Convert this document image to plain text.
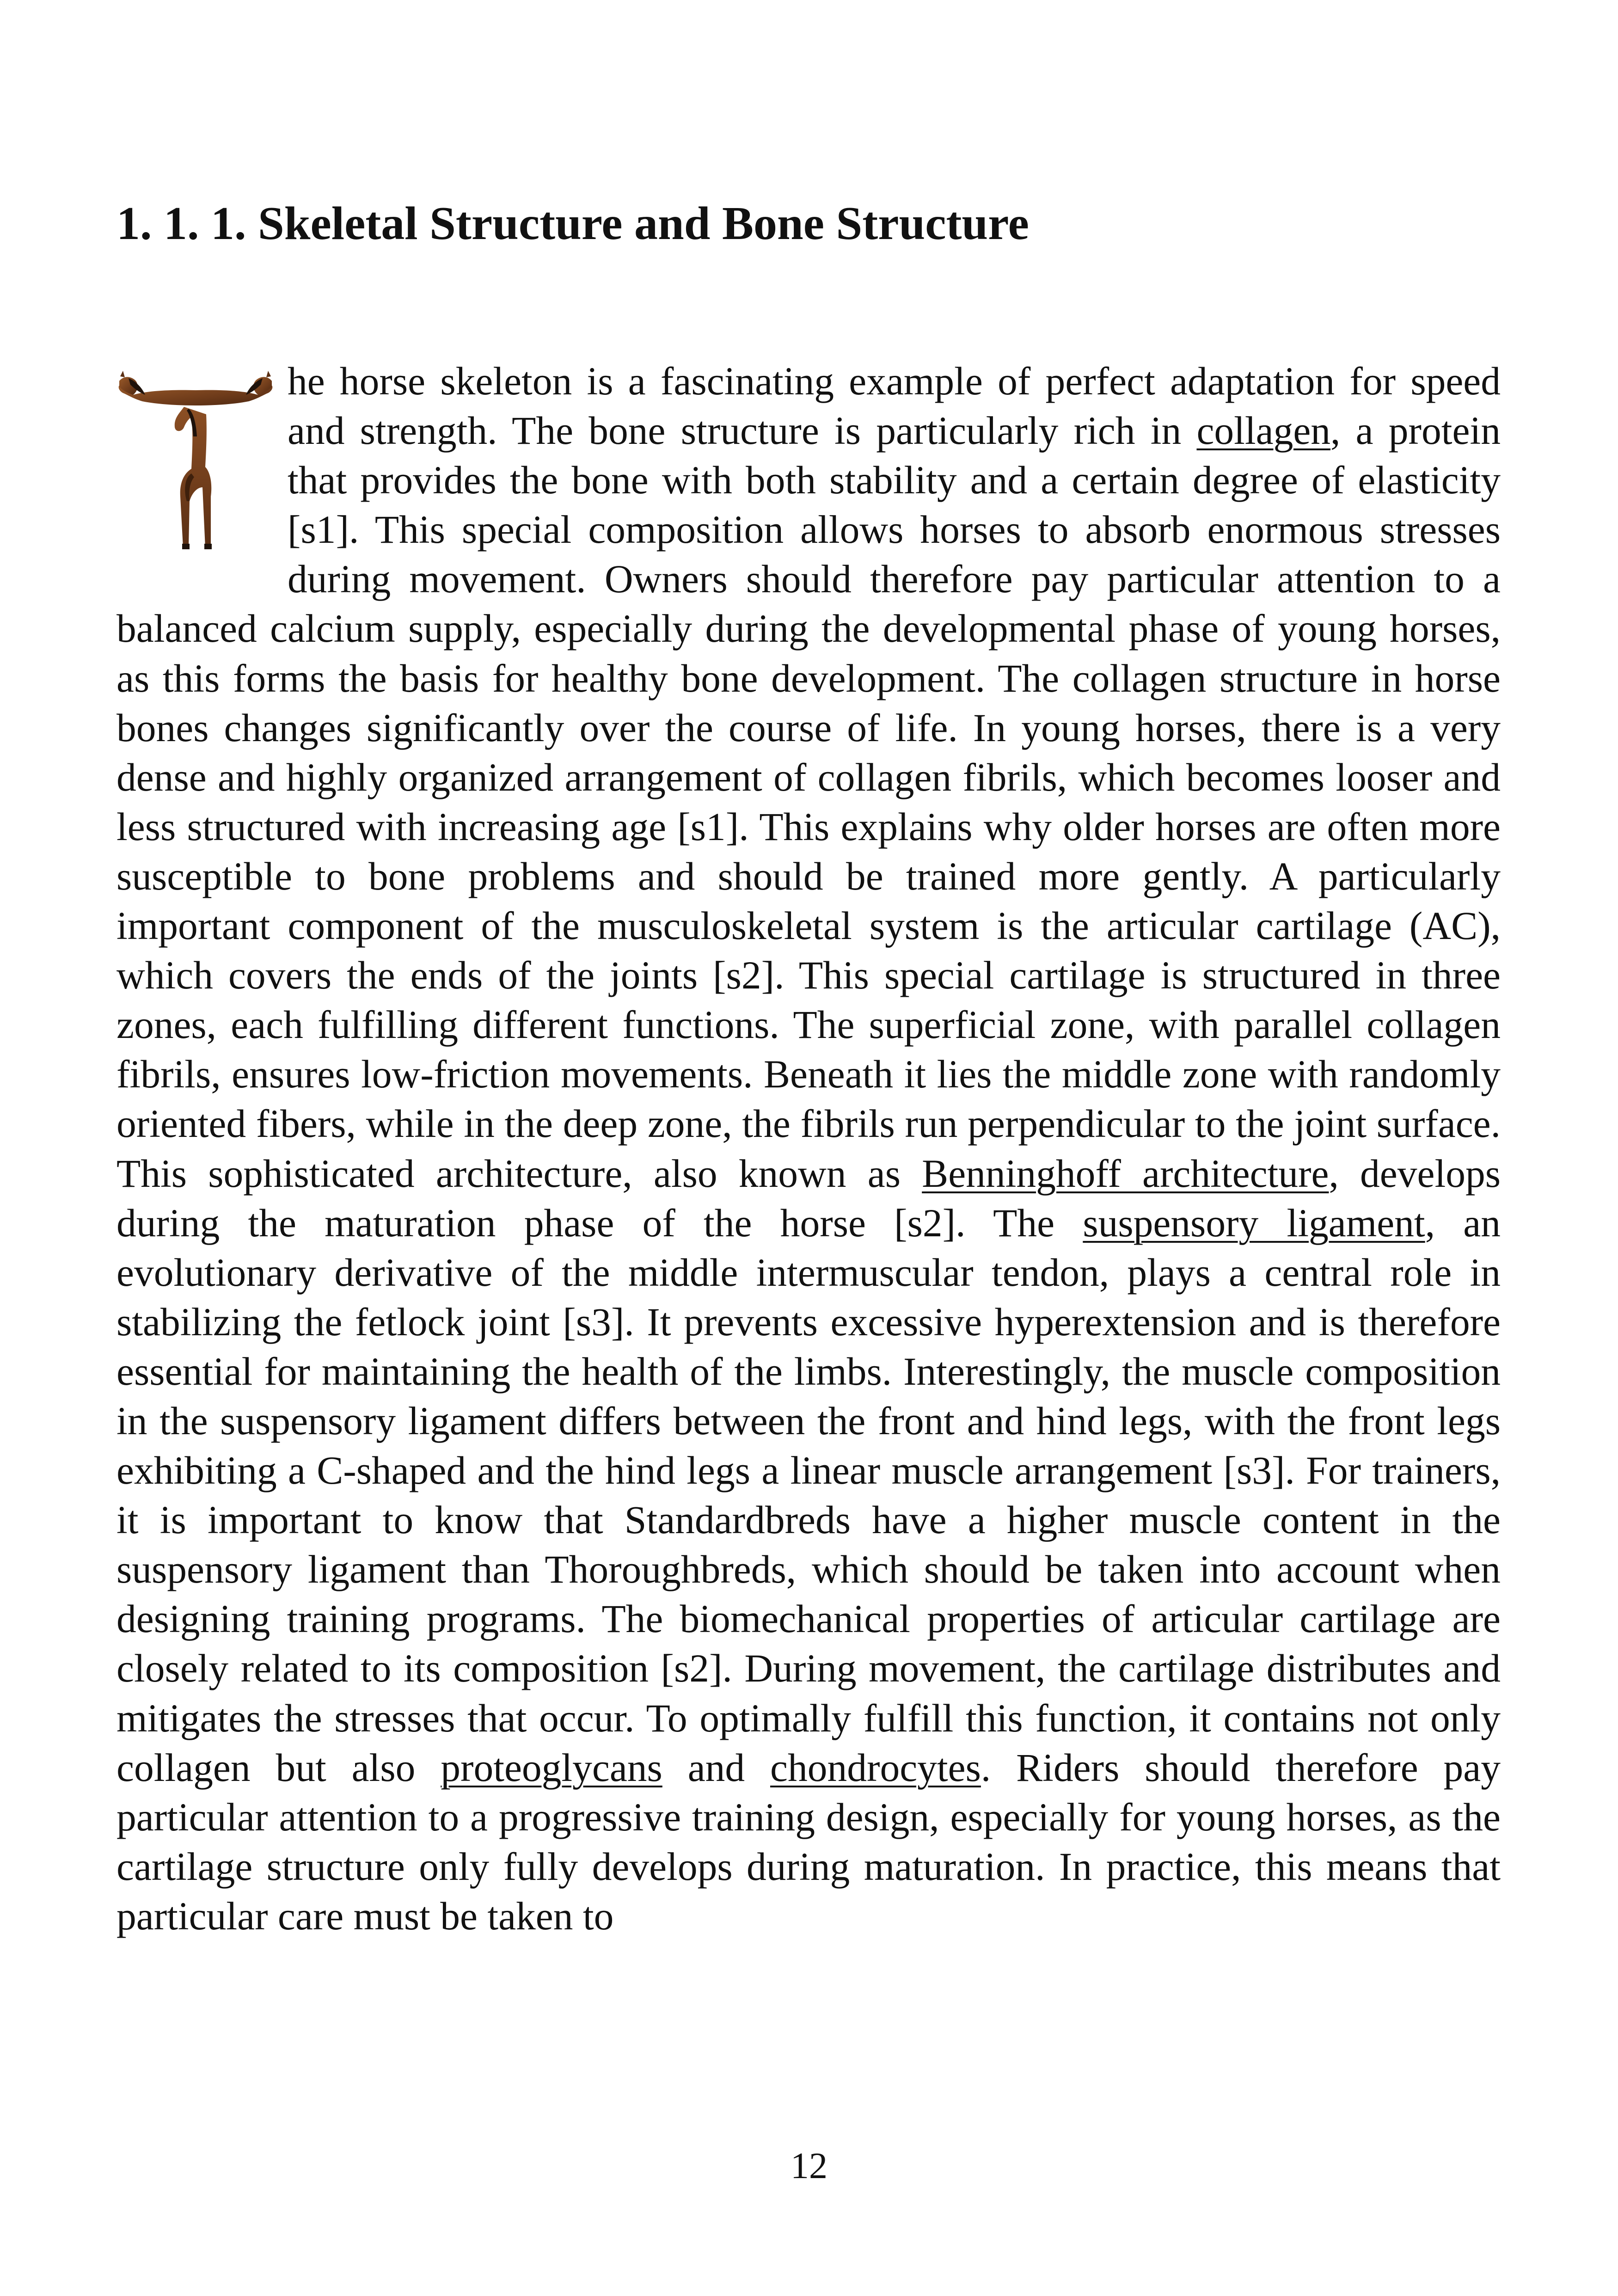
1. 1. 1. Skeletal Structure and Bone Structure
he horse skeleton is a fascinating example of perfect adaptation for speed and strength. The bone structure is particularly rich in collagen, a protein that provides the bone with both stability and a certain degree of elasticity [s1]. This special composition allows horses to absorb enormous stresses during movement. Owners should therefore pay particular attention to a balanced calcium supply, especially during the developmental phase of young horses, as this forms the basis for healthy bone development. The collagen structure in horse bones changes significantly over the course of life. In young horses, there is a very dense and highly organized arrangement of collagen fibrils, which becomes looser and less structured with increasing age [s1]. This explains why older horses are often more susceptible to bone problems and should be trained more gently. A particularly important component of the musculoskeletal system is the articular cartilage (AC), which covers the ends of the joints [s2]. This special cartilage is structured in three zones, each fulfilling different functions. The superficial zone, with parallel collagen fibrils, ensures low-friction movements. Beneath it lies the middle zone with randomly oriented fibers, while in the deep zone, the fibrils run perpendicular to the joint surface. This sophisticated architecture, also known as Benninghoff architecture, develops during the maturation phase of the horse [s2]. The suspensory ligament, an evolutionary derivative of the middle intermuscular tendon, plays a central role in stabilizing the fetlock joint [s3]. It prevents excessive hyperextension and is therefore essential for maintaining the health of the limbs. Interestingly, the muscle composition in the suspensory ligament differs between the front and hind legs, with the front legs exhibiting a C-shaped and the hind legs a linear muscle arrangement [s3]. For trainers, it is important to know that Standardbreds have a higher muscle content in the suspensory ligament than Thoroughbreds, which should be taken into account when designing training programs. The biomechanical properties of articular cartilage are closely related to its composition [s2]. During movement, the cartilage distributes and mitigates the stresses that occur. To optimally fulfill this function, it contains not only collagen but also proteoglycans and chondrocytes. Riders should therefore pay particular attention to a progressive training design, especially for young horses, as the cartilage structure only fully develops during maturation. In practice, this means that particular care must be taken to
12
